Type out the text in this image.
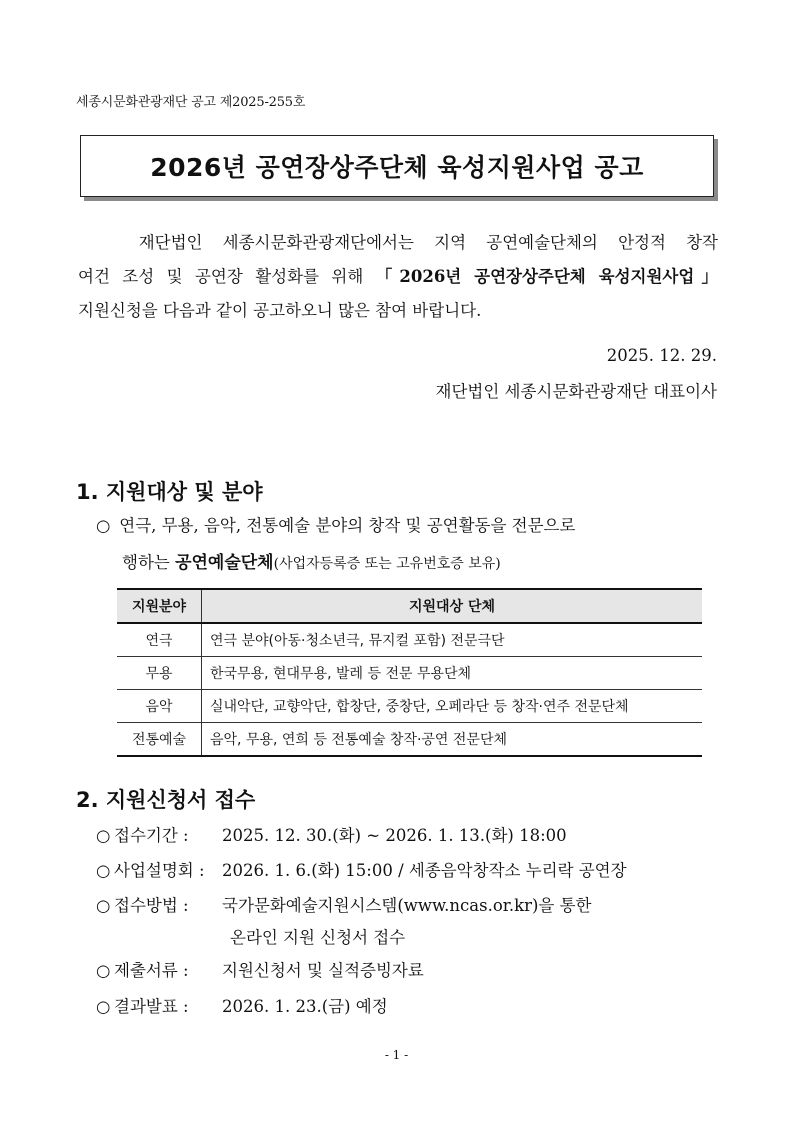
세종시문화관광재단 공고 제2025-255호
2026년 공연장상주단체 육성지원사업 공고

재단법인 세종시문화관광재단에서는 지역 공연예술단체의 안정적 창작

여건 조성 및 공연장 활성화를 위해 「2026년 공연장상주단체 육성지원사업」

지원신청을 다음과 같이 공고하오니 많은 참여 바랍니다.

2025. 12. 29.
재단법인 세종시문화관광재단 대표이사
1. 지원대상 및 분야
○ 연극, 무용, 음악, 전통예술 분야의 창작 및 공연활동을 전문으로
행하는 공연예술단체(사업자등록증 또는 고유번호증 보유)
지원분야	지원대상 단체
연극	연극 분야(아동·청소년극, 뮤지컬 포함) 전문극단
무용	한국무용, 현대무용, 발레 등 전문 무용단체
음악	실내악단, 교향악단, 합창단, 중창단, 오페라단 등 창작·연주 전문단체
전통예술	음악, 무용, 연희 등 전통예술 창작·공연 전문단체
2. 지원신청서 접수
○ 접수기간 : 2025. 12. 30.(화) ~ 2026. 1. 13.(화) 18:00
○ 사업설명회 : 2026. 1. 6.(화) 15:00 / 세종음악창작소 누리락 공연장
○ 접수방법 : 국가문화예술지원시스템(www.ncas.or.kr)을 통한
온라인 지원 신청서 접수
○ 제출서류 : 지원신청서 및 실적증빙자료
○ 결과발표 : 2026. 1. 23.(금) 예정
- 1 -
